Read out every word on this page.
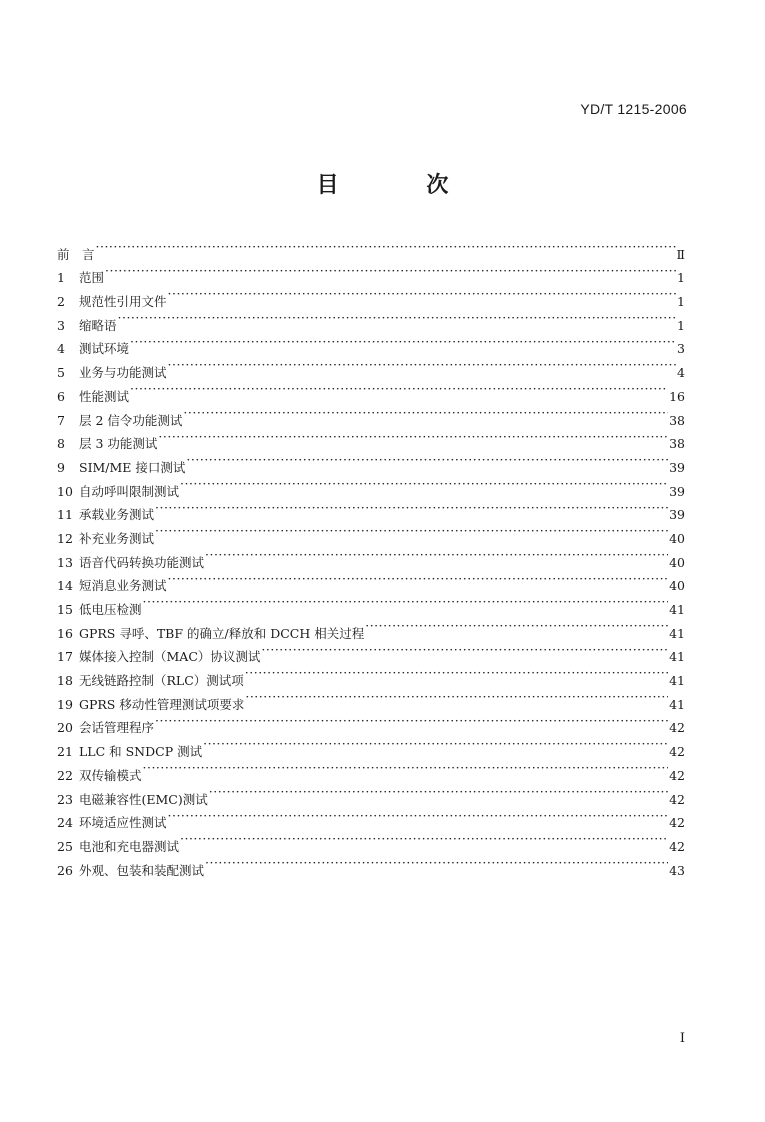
YD/T 1215-2006
目 次
前　言 ·····	Ⅱ
1	范围 ·····	1
2	规范性引用文件 ·····	1
3	缩略语 ·····	1
4	测试环境 ·····	3
5	业务与功能测试 ·····	4
6	性能测试 ·····	16
7	层 2 信令功能测试 ·····	38
8	层 3 功能测试 ·····	38
9	SIM/ME 接口测试 ·····	39
10 自动呼叫限制测试 ·····	39
11 承载业务测试 ·····	39
12 补充业务测试 ·····	40
13 语音代码转换功能测试 ·····	40
14 短消息业务测试 ·····	40
15 低电压检测 ·····	41
16 GPRS 寻呼、TBF 的确立/释放和 DCCH 相关过程 ·····	41
17 媒体接入控制（MAC）协议测试 ·····	41
18 无线链路控制（RLC）测试项 ·····	41
19 GPRS 移动性管理测试项要求 ·····	41
20 会话管理程序 ·····	42
21 LLC 和 SNDCP 测试 ·····	42
22 双传输模式 ·····	42
23 电磁兼容性(EMC)测试 ·····	42
24 环境适应性测试 ·····	42
25 电池和充电器测试 ·····	42
26 外观、包装和装配测试 ·····	43
I
